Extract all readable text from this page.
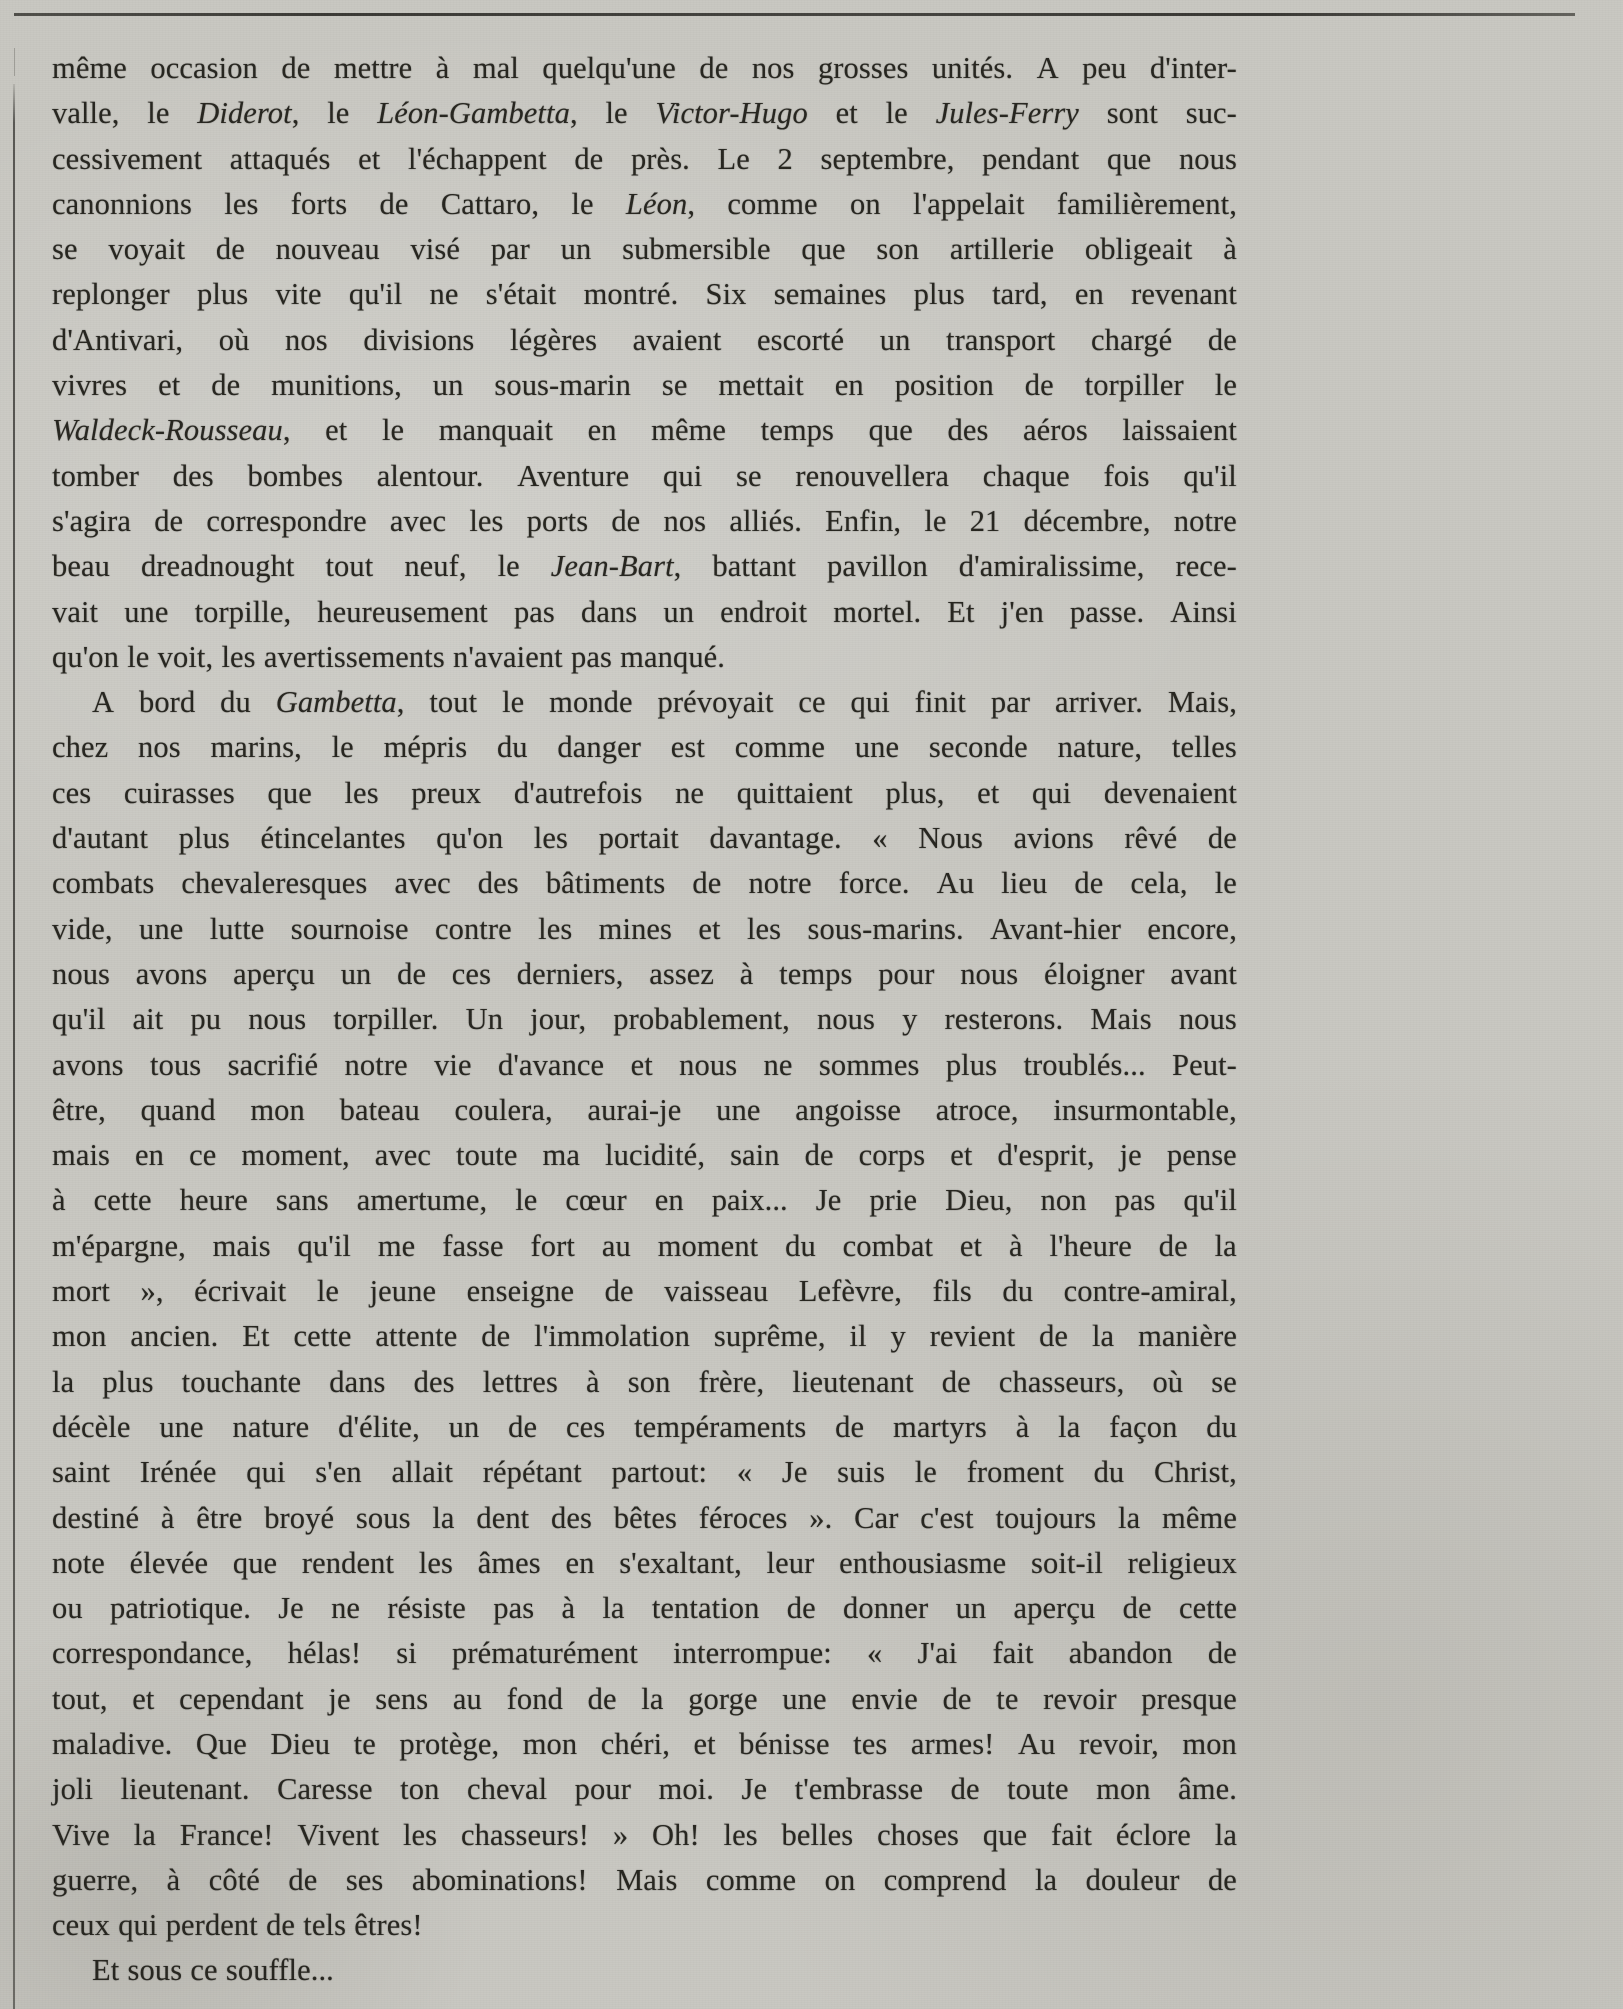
même occasion de mettre à mal quelqu'une de nos grosses unités. A peu d'inter-
valle, le Diderot, le Léon-Gambetta, le Victor-Hugo et le Jules-Ferry sont suc-
cessivement attaqués et l'échappent de près. Le 2 septembre, pendant que nous
canonnions les forts de Cattaro, le Léon, comme on l'appelait familièrement,
se voyait de nouveau visé par un submersible que son artillerie obligeait à
replonger plus vite qu'il ne s'était montré. Six semaines plus tard, en revenant
d'Antivari, où nos divisions légères avaient escorté un transport chargé de
vivres et de munitions, un sous-marin se mettait en position de torpiller le
Waldeck-Rousseau, et le manquait en même temps que des aéros laissaient
tomber des bombes alentour. Aventure qui se renouvellera chaque fois qu'il
s'agira de correspondre avec les ports de nos alliés. Enfin, le 21 décembre, notre
beau dreadnought tout neuf, le Jean-Bart, battant pavillon d'amiralissime, rece-
vait une torpille, heureusement pas dans un endroit mortel. Et j'en passe. Ainsi
qu'on le voit, les avertissements n'avaient pas manqué.

A bord du Gambetta, tout le monde prévoyait ce qui finit par arriver. Mais,
chez nos marins, le mépris du danger est comme une seconde nature, telles
ces cuirasses que les preux d'autrefois ne quittaient plus, et qui devenaient
d'autant plus étincelantes qu'on les portait davantage. « Nous avions rêvé de
combats chevaleresques avec des bâtiments de notre force. Au lieu de cela, le
vide, une lutte sournoise contre les mines et les sous-marins. Avant-hier encore,
nous avons aperçu un de ces derniers, assez à temps pour nous éloigner avant
qu'il ait pu nous torpiller. Un jour, probablement, nous y resterons. Mais nous
avons tous sacrifié notre vie d'avance et nous ne sommes plus troublés... Peut-
être, quand mon bateau coulera, aurai-je une angoisse atroce, insurmontable,
mais en ce moment, avec toute ma lucidité, sain de corps et d'esprit, je pense
à cette heure sans amertume, le cœur en paix... Je prie Dieu, non pas qu'il
m'épargne, mais qu'il me fasse fort au moment du combat et à l'heure de la
mort », écrivait le jeune enseigne de vaisseau Lefèvre, fils du contre-amiral,
mon ancien. Et cette attente de l'immolation suprême, il y revient de la manière
la plus touchante dans des lettres à son frère, lieutenant de chasseurs, où se
décèle une nature d'élite, un de ces tempéraments de martyrs à la façon du
saint Irénée qui s'en allait répétant partout: « Je suis le froment du Christ,
destiné à être broyé sous la dent des bêtes féroces ». Car c'est toujours la même
note élevée que rendent les âmes en s'exaltant, leur enthousiasme soit-il religieux
ou patriotique. Je ne résiste pas à la tentation de donner un aperçu de cette
correspondance, hélas! si prématurément interrompue: « J'ai fait abandon de
tout, et cependant je sens au fond de la gorge une envie de te revoir presque
maladive. Que Dieu te protège, mon chéri, et bénisse tes armes! Au revoir, mon
joli lieutenant. Caresse ton cheval pour moi. Je t'embrasse de toute mon âme.
Vive la France! Vivent les chasseurs! » Oh! les belles choses que fait éclore la
guerre, à côté de ses abominations! Mais comme on comprend la douleur de
ceux qui perdent de tels êtres!

Et sous ce souffle...
